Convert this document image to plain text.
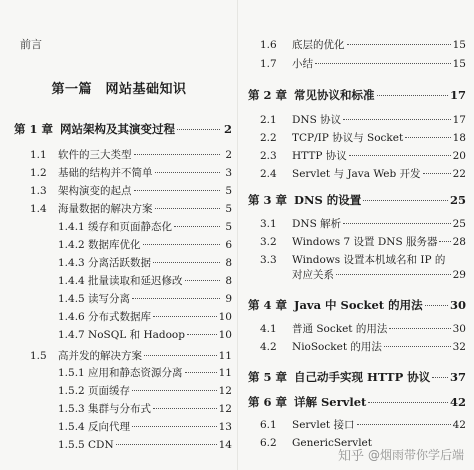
前言
第一篇　网站基础知识
第 1 章 网站架构及其演变过程	2
1.1	软件的三大类型	2
1.2	基础的结构并不简单	3
1.3	架构演变的起点	5
1.4	海量数据的解决方案	5
1.4.1 缓存和页面静态化	5
1.4.2 数据库优化	6
1.4.3 分离活跃数据	8
1.4.4 批量读取和延迟修改	8
1.4.5 读写分离	9
1.4.6 分布式数据库	10
1.4.7 NoSQL 和 Hadoop	10
1.5	高并发的解决方案	11
1.5.1 应用和静态资源分离	11
1.5.2 页面缓存	12
1.5.3 集群与分布式	12
1.5.4 反向代理	13
1.5.5 CDN	14
1.6	底层的优化	15
1.7	小结	15
第 2 章 常见协议和标准	17
2.1	DNS 协议	17
2.2	TCP/IP 协议与 Socket	18
2.3	HTTP 协议	20
2.4	Servlet 与 Java Web 开发	22
第 3 章 DNS 的设置	25
3.1	DNS 解析	25
3.2	Windows 7 设置 DNS 服务器 28
3.3	Windows 设置本机域名和 IP 的
对应关系	29
第 4 章 Java 中 Socket 的用法 30
4.1	普通 Socket 的用法	30
4.2	NioSocket 的用法	32
第 5 章 自己动手实现 HTTP 协议 37
第 6 章 详解 Servlet	42
6.1	Servlet 接口	42
6.2	GenericServlet
知乎 @烟雨带你学后端
